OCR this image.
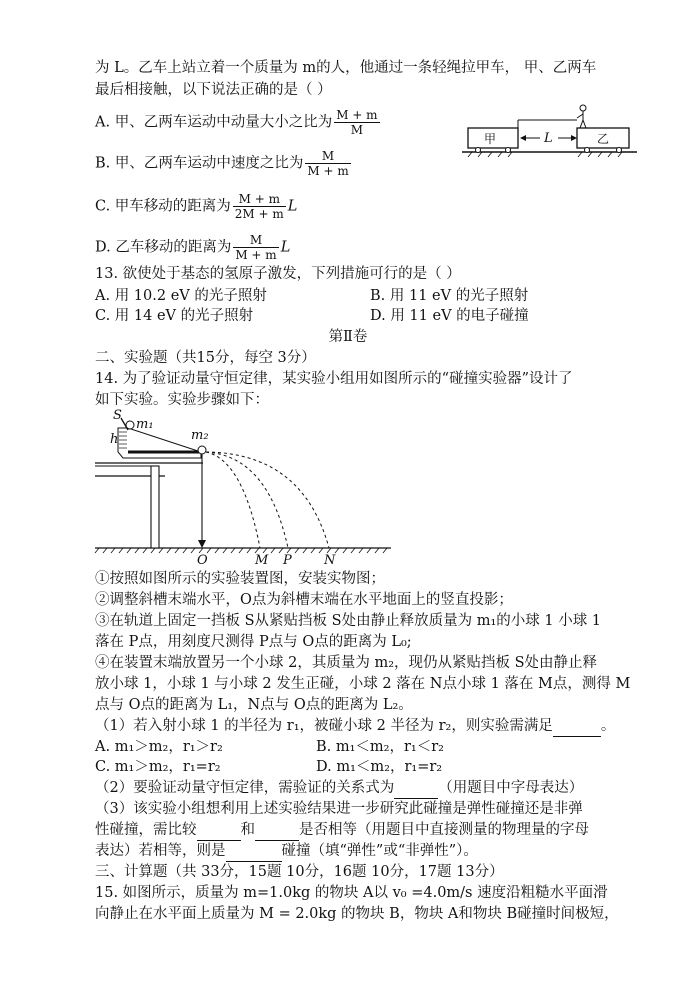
为 L。乙车上站立着一个质量为 m的人，他通过一条轻绳拉甲车， 甲、乙两车
最后相接触，以下说法正确的是（ ）
A. 甲、乙两车运动中动量大小之比为 $\frac{M + m}{M}$
B. 甲、乙两车运动中速度之比为 $\frac{M}{M + m}$
C. 甲车移动的距离为 $\frac{M + m}{2M + m}$ L
D. 乙车移动的距离为 $\frac{M}{M + m}$ L
甲	乙
L
13. 欲使处于基态的氢原子激发，下列措施可行的是（ ）
A. 用 10.2 eV 的光子照射	B. 用 11 eV 的光子照射
C. 用 14 eV 的光子照射	D. 用 11 eV 的电子碰撞
第Ⅱ卷
二、实验题（共15分，每空 3分）
14. 为了验证动量守恒定律，某实验小组用如图所示的“碰撞实验器”设计了
如下实验。实验步骤如下：
S
h
m₁
m₂
O	M P N
①按照如图所示的实验装置图，安装实物图；
②调整斜槽末端水平，O点为斜槽末端在水平地面上的竖直投影；
③在轨道上固定一挡板 S从紧贴挡板 S处由静止释放质量为 m₁的小球 1 小球 1
落在 P点，用刻度尺测得 P点与 O点的距离为 L₀;
④在装置末端放置另一个小球 2，其质量为 m₂，现仍从紧贴挡板 S处由静止释
放小球 1，小球 1 与小球 2 发生正碰，小球 2 落在 N点小球 1 落在 M点，测得 M
点与 O点的距离为 L₁，N点与 O点的距离为 L₂。
（1）若入射小球 1 的半径为 r₁，被碰小球 2 半径为 r₂，则实验需满足	。
A. m₁＞m₂，r₁＞r₂	B. m₁＜m₂，r₁＜r₂
C. m₁＞m₂，r₁=r₂	D. m₁＜m₂，r₁=r₂
（2）要验证动量守恒定律，需验证的关系式为	（用题目中字母表达）
（3）该实验小组想利用上述实验结果进一步研究此碰撞是弹性碰撞还是非弹
性碰撞，需比较	和	是否相等（用题目中直接测量的物理量的字母
表达）若相等，则是	碰撞（填“弹性”或“非弹性”）。
三、计算题（共 33分，15题 10分，16题 10分，17题 13分）
15. 如图所示，质量为 m=1.0kg 的物块 A以 v₀ =4.0m/s 速度沿粗糙水平面滑
向静止在水平面上质量为 M = 2.0kg 的物块 B，物块 A和物块 B碰撞时间极短，
